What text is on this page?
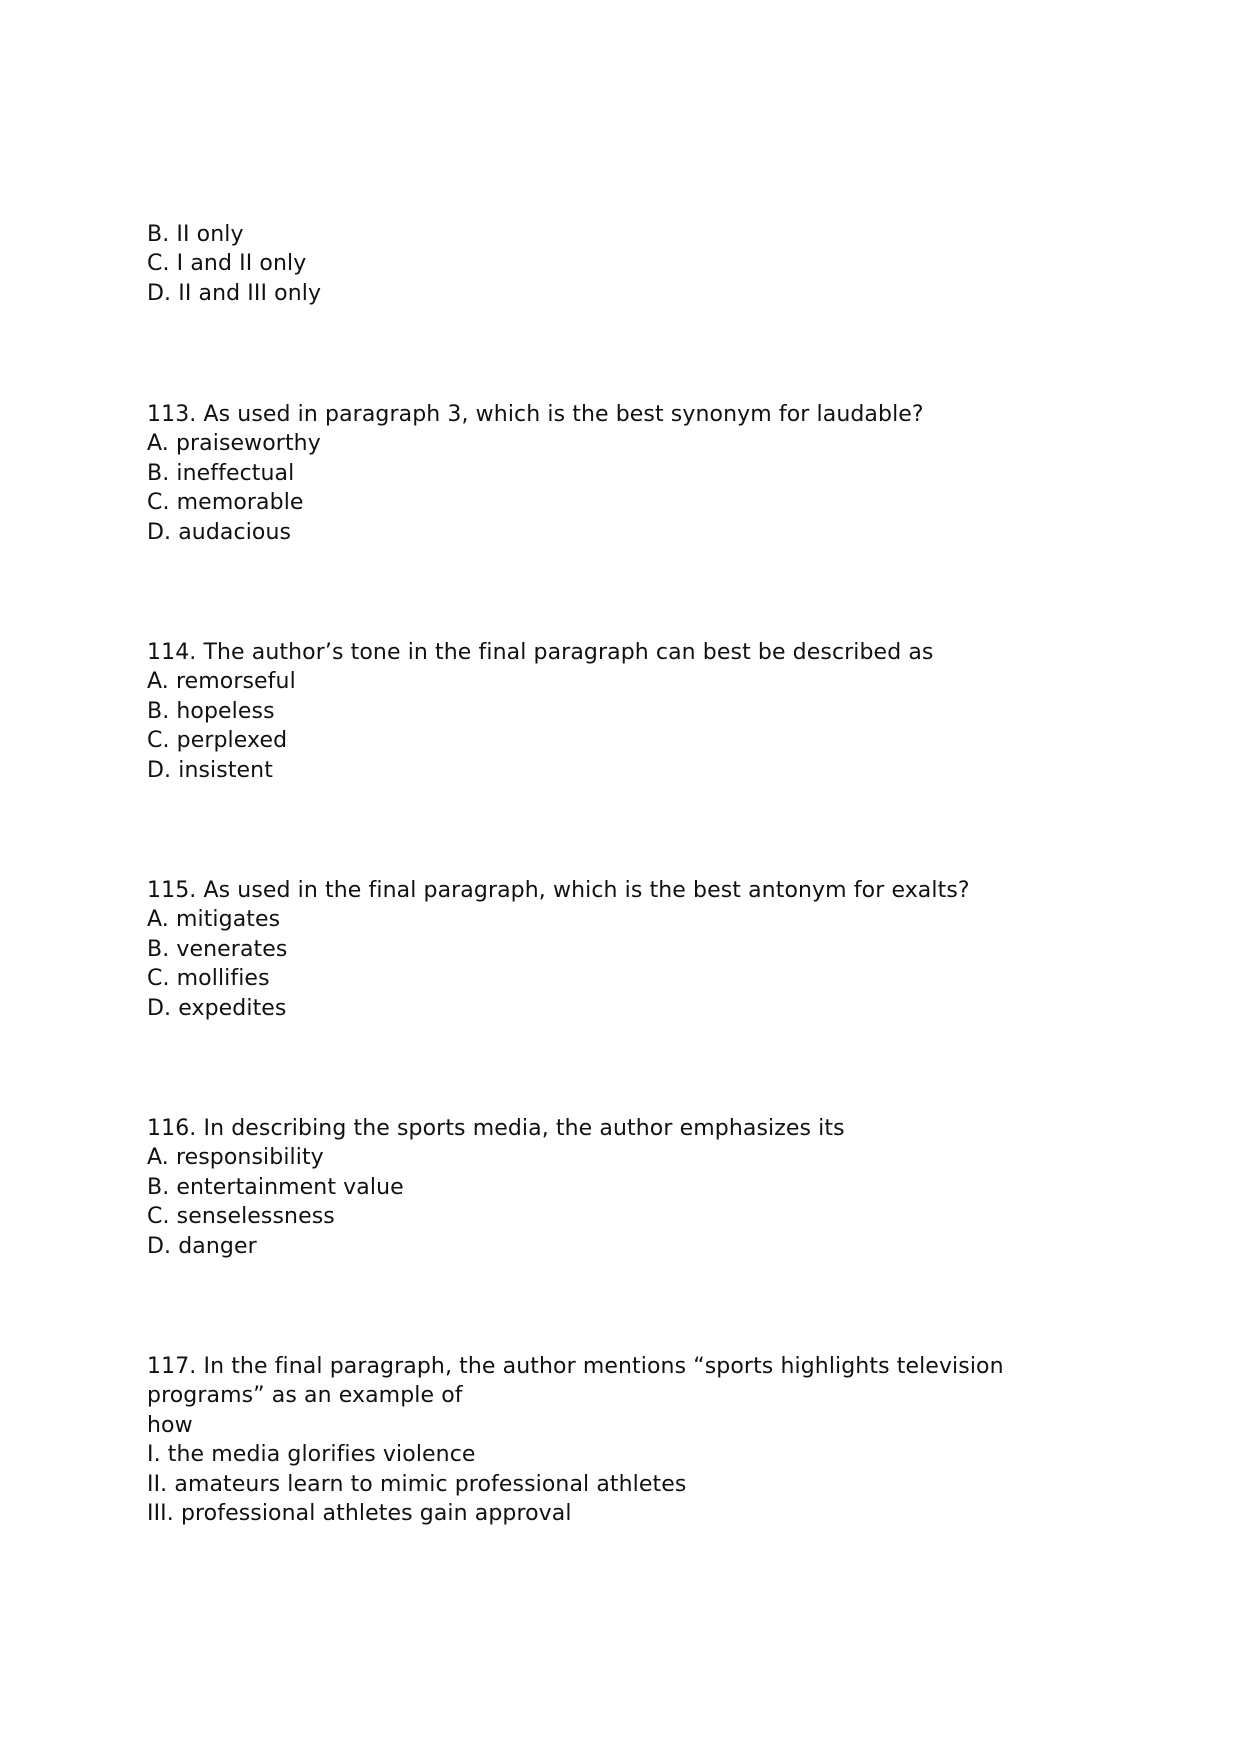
B. II only
C. I and II only
D. II and III only
113. As used in paragraph 3, which is the best synonym for laudable?
A. praiseworthy
B. ineffectual
C. memorable
D. audacious
114. The author’s tone in the final paragraph can best be described as
A. remorseful
B. hopeless
C. perplexed
D. insistent
115. As used in the final paragraph, which is the best antonym for exalts?
A. mitigates
B. venerates
C. mollifies
D. expedites
116. In describing the sports media, the author emphasizes its
A. responsibility
B. entertainment value
C. senselessness
D. danger
117. In the final paragraph, the author mentions “sports highlights television
programs” as an example of
how
I. the media glorifies violence
II. amateurs learn to mimic professional athletes
III. professional athletes gain approval
